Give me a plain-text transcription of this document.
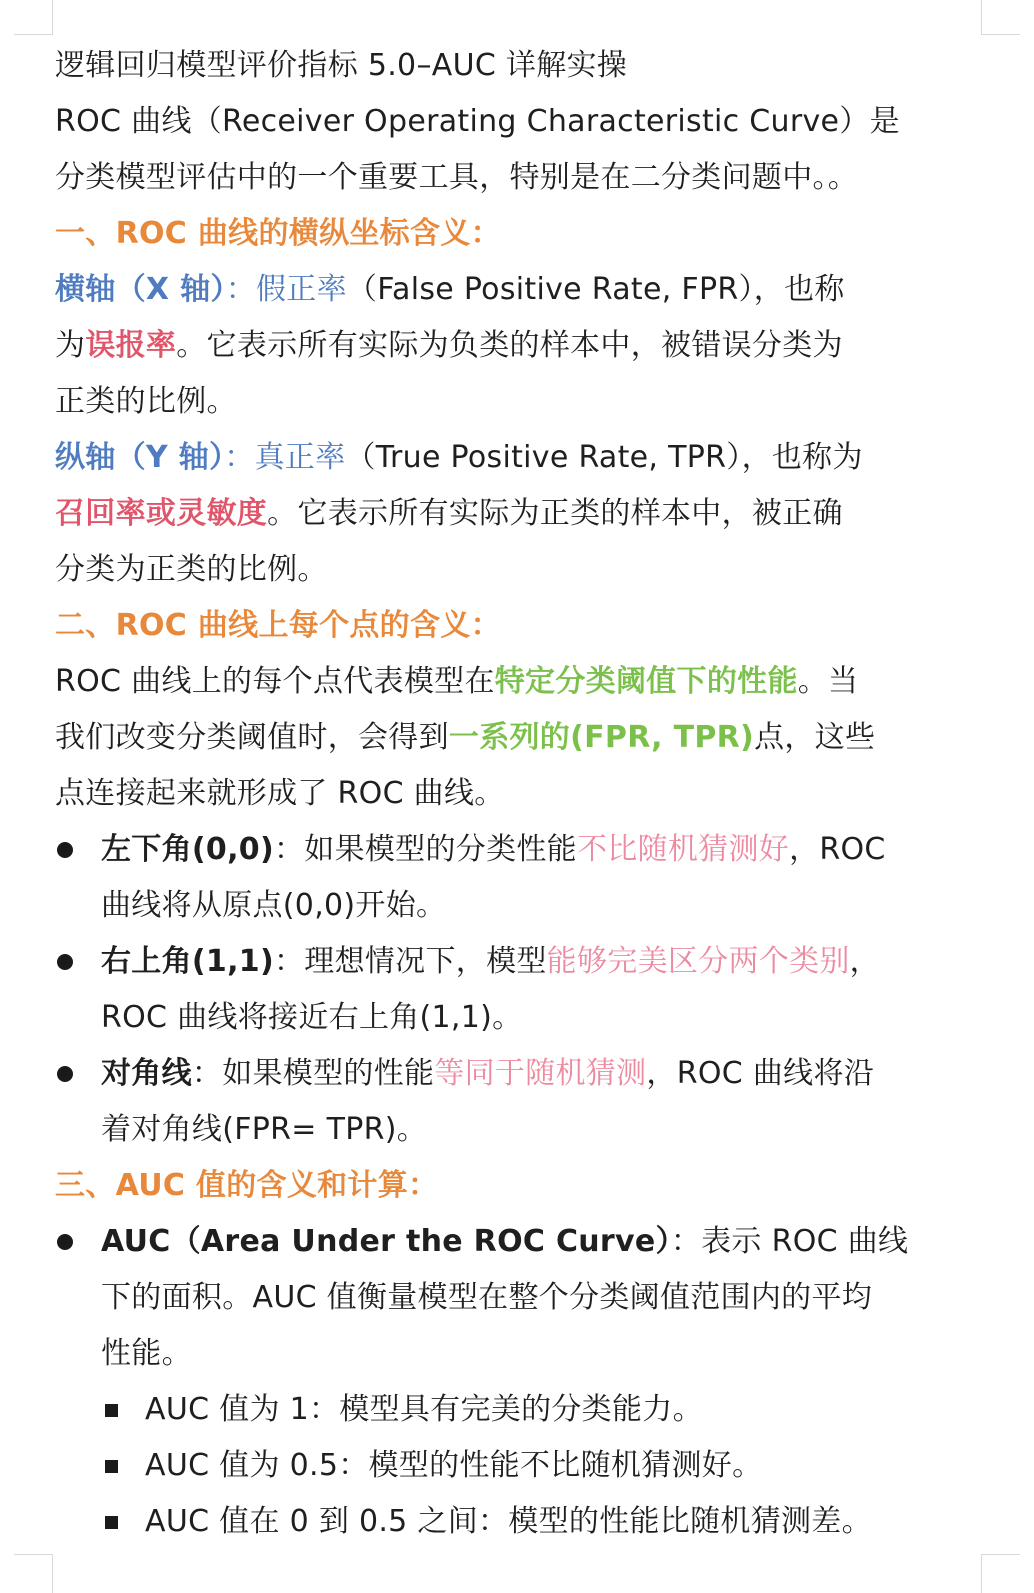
逻辑回归模型评价指标 5.0–AUC 详解实操
ROC 曲线（Receiver Operating Characteristic Curve）是
分类模型评估中的一个重要工具，特别是在二分类问题中。。
一、ROC 曲线的横纵坐标含义：
横轴（X 轴）：假正率（False Positive Rate, FPR），也称
为误报率。它表示所有实际为负类的样本中，被错误分类为
正类的比例。
纵轴（Y 轴）：真正率（True Positive Rate, TPR），也称为
召回率或灵敏度。它表示所有实际为正类的样本中，被正确
分类为正类的比例。
二、ROC 曲线上每个点的含义：
ROC 曲线上的每个点代表模型在特定分类阈值下的性能。当
我们改变分类阈值时，会得到一系列的(FPR, TPR)点，这些
点连接起来就形成了 ROC 曲线。
左下角(0,0)：如果模型的分类性能不比随机猜测好，ROC
曲线将从原点(0,0)开始。
右上角(1,1)：理想情况下，模型能够完美区分两个类别，
ROC 曲线将接近右上角(1,1)。
对角线：如果模型的性能等同于随机猜测，ROC 曲线将沿
着对角线(FPR= TPR)。
三、AUC 值的含义和计算：
AUC（Area Under the ROC Curve）：表示 ROC 曲线
下的面积。AUC 值衡量模型在整个分类阈值范围内的平均
性能。
AUC 值为 1：模型具有完美的分类能力。
AUC 值为 0.5：模型的性能不比随机猜测好。
AUC 值在 0 到 0.5 之间：模型的性能比随机猜测差。
